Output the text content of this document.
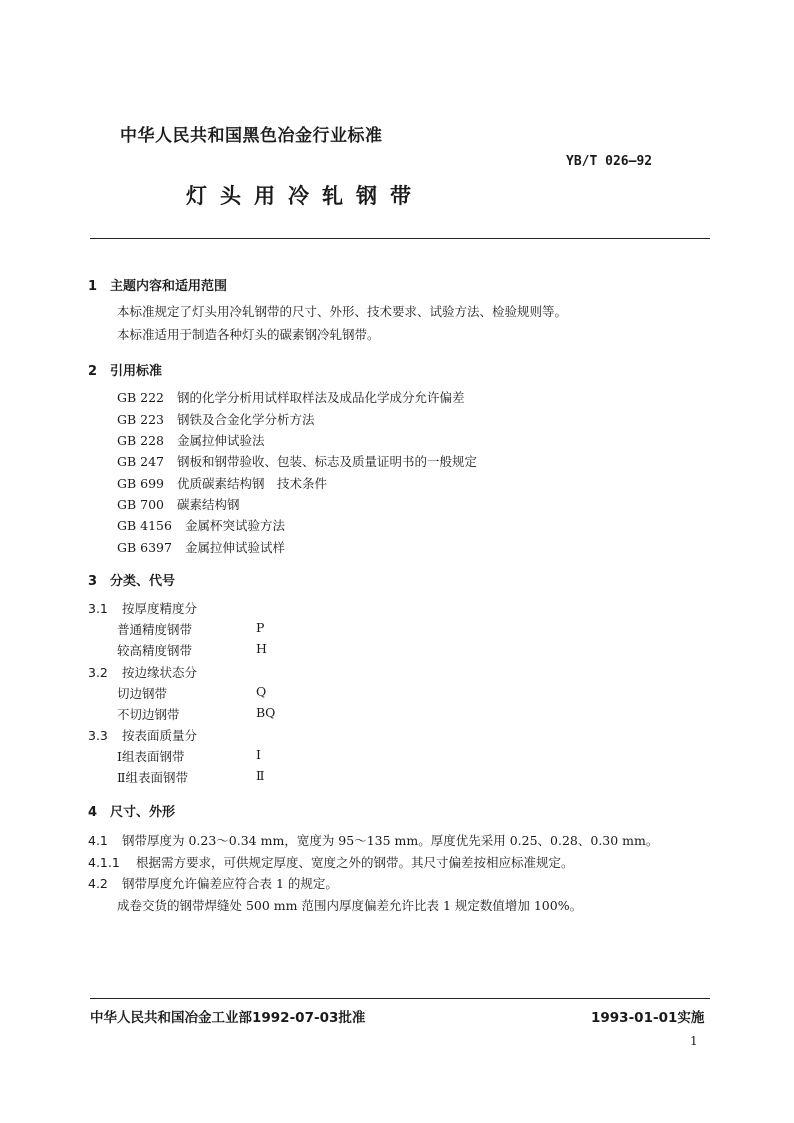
中华人民共和国黑色冶金行业标准
YB/T 026—92
灯头用冷轧钢带
1 主题内容和适用范围
本标准规定了灯头用冷轧钢带的尺寸、外形、技术要求、试验方法、检验规则等。
本标准适用于制造各种灯头的碳素钢冷轧钢带。
2 引用标准
GB 222 钢的化学分析用试样取样法及成品化学成分允许偏差
GB 223 钢铁及合金化学分析方法
GB 228 金属拉伸试验法
GB 247 钢板和钢带验收、包装、标志及质量证明书的一般规定
GB 699 优质碳素结构钢　技术条件
GB 700 碳素结构钢
GB 4156 金属杯突试验方法
GB 6397 金属拉伸试验试样
3 分类、代号
3.1 按厚度精度分
普通精度钢带	P
较高精度钢带	H
3.2 按边缘状态分
切边钢带	Q
不切边钢带	BQ
3.3 按表面质量分
Ⅰ组表面钢带	Ⅰ
Ⅱ组表面钢带	Ⅱ
4 尺寸、外形
4.1 钢带厚度为 0.23～0.34 mm，宽度为 95～135 mm。厚度优先采用 0.25、0.28、0.30 mm。
4.1.1 根据需方要求，可供规定厚度、宽度之外的钢带。其尺寸偏差按相应标准规定。
4.2 钢带厚度允许偏差应符合表 1 的规定。
成卷交货的钢带焊缝处 500 mm 范围内厚度偏差允许比表 1 规定数值增加 100%。
中华人民共和国冶金工业部1992-07-03批准	1993-01-01实施
1
